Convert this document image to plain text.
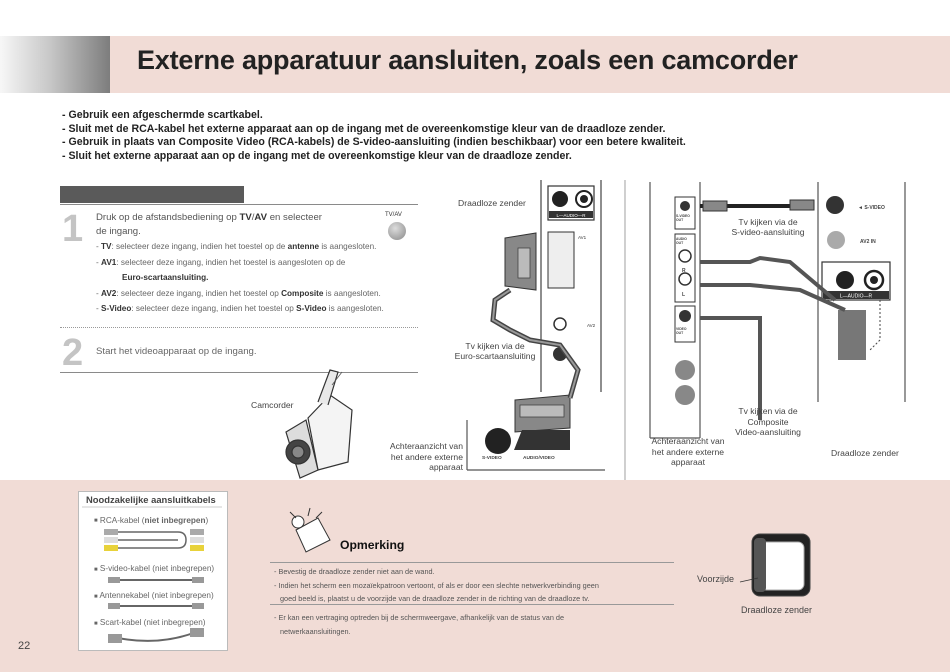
Externe apparatuur aansluiten, zoals een camcorder
- Gebruik een afgeschermde scartkabel.
- Sluit met de RCA-kabel het externe apparaat aan op de ingang met de overeenkomstige kleur van de draadloze zender.
- Gebruik in plaats van Composite Video (RCA-kabels) de S-video-aansluiting (indien beschikbaar) voor een betere kwaliteit.
- Sluit het externe apparaat aan op de ingang met de overeenkomstige kleur van de draadloze zender.
1 Druk op de afstandsbediening op TV/AV en selecteer
de ingang.
- TV: selecteer deze ingang, indien het toestel op de antenne is aangesloten.
- AV1: selecteer deze ingang, indien het toestel is aangesloten op de
Euro-scartaansluiting.
- AV2: selecteer deze ingang, indien het toestel op Composite is aangesloten.
- S-Video: selecteer deze ingang, indien het toestel op S-Video is aangesloten.
TV/AV
2 Start het videoapparaat op de ingang.
L—AUDIO—R
AV1
AV2
Draadloze zender
Tv kijken via de
Euro-scartaansluiting
Camcorder
Achteraanzicht van
het andere externe
apparaat
S-VIDEO	AUDIO/VIDEO
L—AUDIO—R
Tv kijken via de
S-video-aansluiting
◄ S-VIDEO
AV2 IN
S-VIDEO OUT
AUDIO OUT
R
L
VIDEO OUT
Tv kijken via de
Composite
Video-aansluiting
Achteraanzicht van
het andere externe
apparaat
Draadloze zender
Noodzakelijke aansluitkabels
■ RCA-kabel (niet inbegrepen)
■ S-video-kabel (niet inbegrepen)
■ Antennekabel (niet inbegrepen)
■ Scart-kabel (niet inbegrepen)
Opmerking
- Bevestig de draadloze zender niet aan de wand.
- Indien het scherm een mozaïekpatroon vertoont, of als er door een slechte netwerkverbinding geen
goed beeld is, plaatst u de voorzijde van de draadloze zender in de richting van de draadloze tv.
- Er kan een vertraging optreden bij de schermweergave, afhankelijk van de status van de
netwerkaansluitingen.
Voorzijde
Draadloze zender
22
